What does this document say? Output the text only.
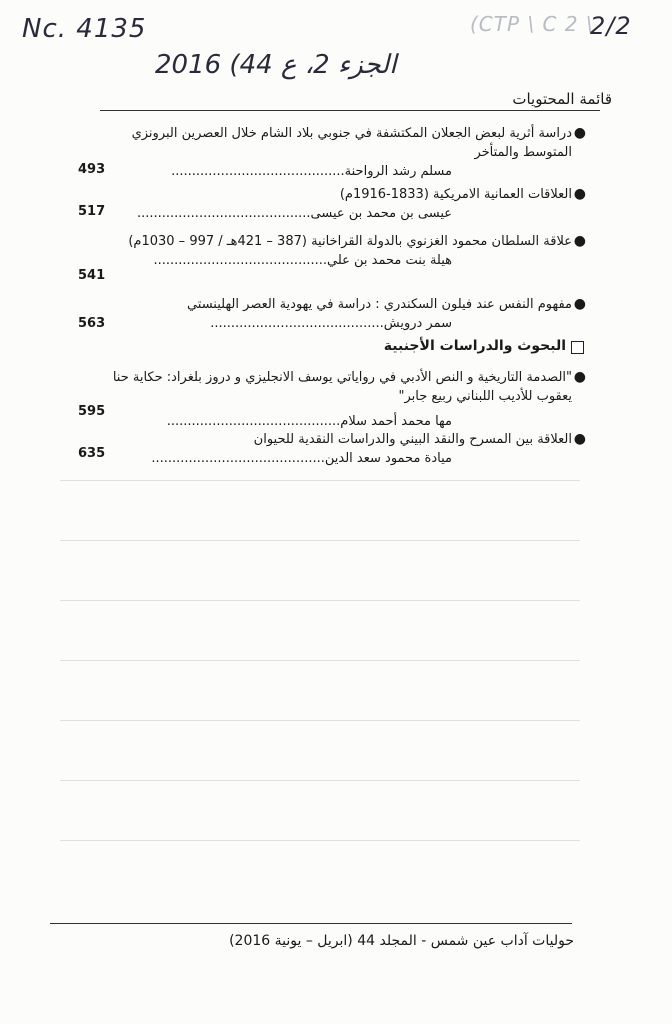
Nc. 4135	(CTP \ C 2 \
2/2
2016 (الجزء 2، ع 44
قائمة المحتويات
●
دراسة أثرية لبعض الجعلان المكتشفة في جنوبي بلاد الشام خلال العصرين البرونزي المتوسط والمتأخر
مسلم رشد الرواحنة..........................................
493
●
العلاقات العمانية الامريكية (1833-1916م)
عيسى بن محمد بن عيسى..........................................
517
●
علاقة السلطان محمود الغزنوي بالدولة القراخانية (387 – 421هـ / 997 – 1030م)
هيلة بنت محمد بن علي..........................................
541
●
مفهوم النفس عند فيلون السكندري : دراسة في يهودية العصر الهلينستي
سمر درويش..........................................
563
البحوث والدراسات الأجنبية
●
"الصدمة التاريخية و النص الأدبي في رواياتي يوسف الانجليزي و دروز بلغراد: حكاية حنا يعقوب للأديب اللبناني ربيع جابر"
مها محمد أحمد سلام..........................................
595
●
العلاقة بين المسرح والنقد البيني والدراسات النقدية للحيوان
ميادة محمود سعد الدين..........................................
635
حوليات آداب عين شمس - المجلد 44 (ابريل – يونية 2016)
